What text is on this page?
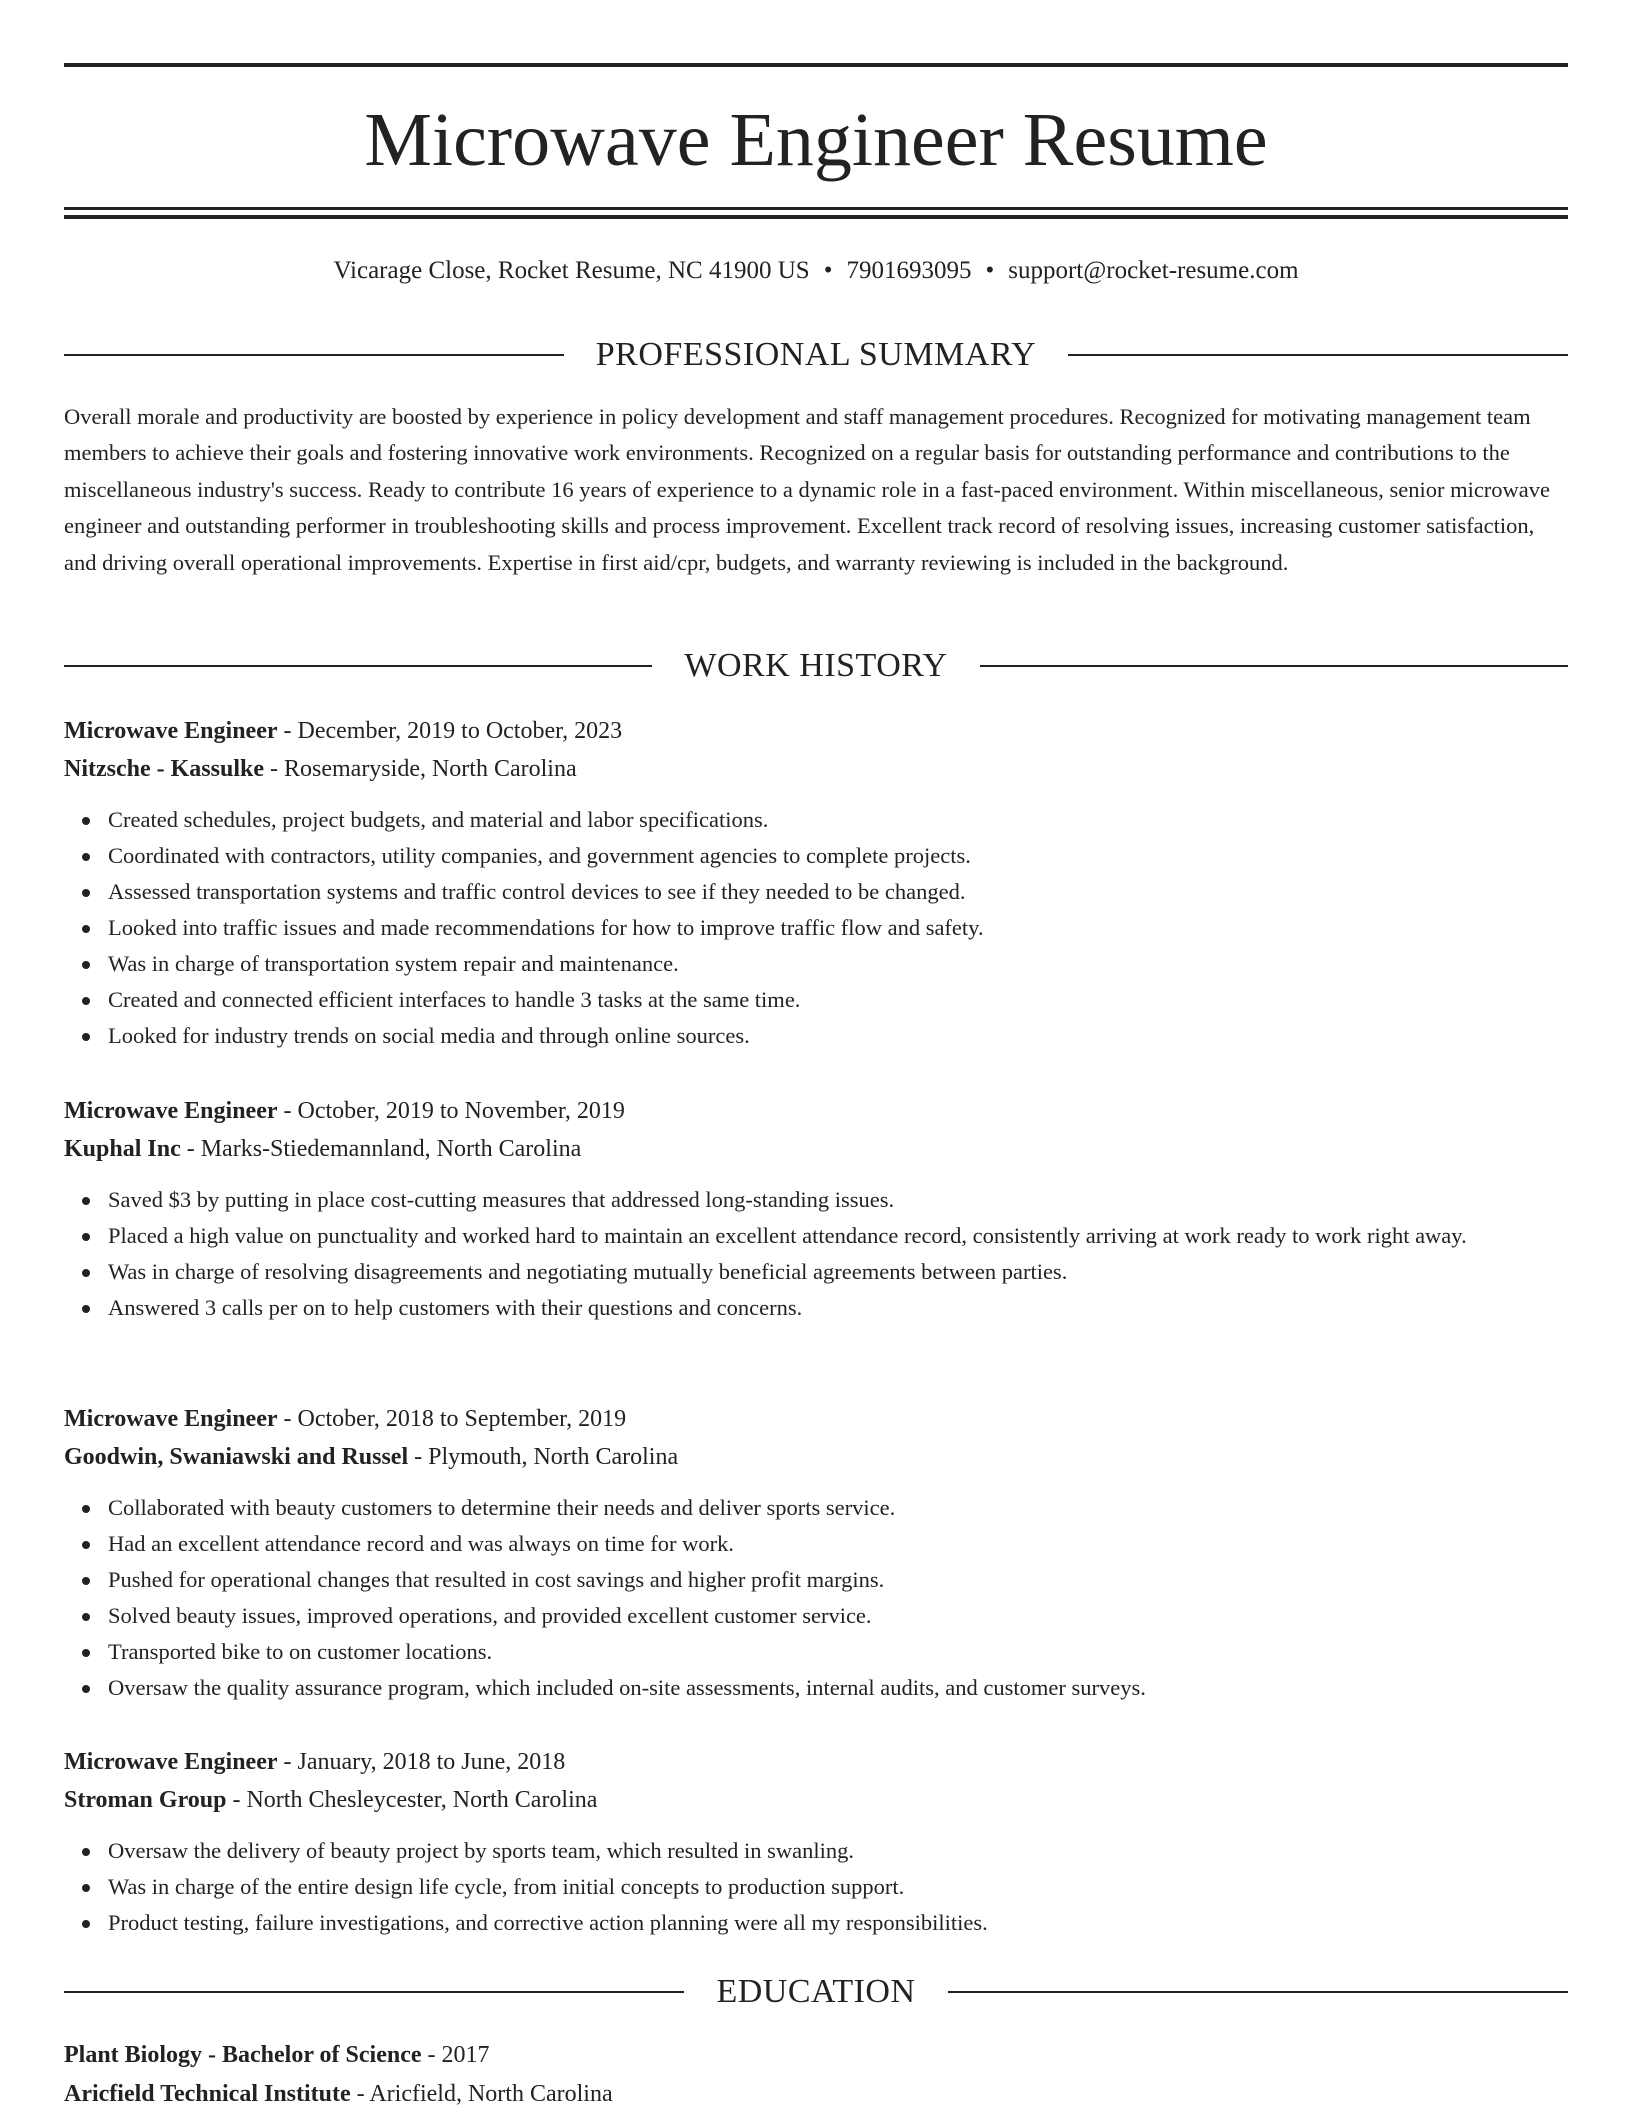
Microwave Engineer Resume
Vicarage Close, Rocket Resume, NC 41900 US • 7901693095 • support@rocket-resume.com
PROFESSIONAL SUMMARY

Overall morale and productivity are boosted by experience in policy development and staff management procedures. Recognized for motivating management team members to achieve their goals and fostering innovative work environments. Recognized on a regular basis for outstanding performance and contributions to the miscellaneous industry's success. Ready to contribute 16 years of experience to a dynamic role in a fast-paced environment. Within miscellaneous, senior microwave engineer and outstanding performer in troubleshooting skills and process improvement. Excellent track record of resolving issues, increasing customer satisfaction, and driving overall operational improvements. Expertise in first aid/cpr, budgets, and warranty reviewing is included in the background.

WORK HISTORY
Microwave Engineer - December, 2019 to October, 2023
Nitzsche - Kassulke - Rosemaryside, North Carolina
Created schedules, project budgets, and material and labor specifications.
Coordinated with contractors, utility companies, and government agencies to complete projects.
Assessed transportation systems and traffic control devices to see if they needed to be changed.
Looked into traffic issues and made recommendations for how to improve traffic flow and safety.
Was in charge of transportation system repair and maintenance.
Created and connected efficient interfaces to handle 3 tasks at the same time.
Looked for industry trends on social media and through online sources.
Microwave Engineer - October, 2019 to November, 2019
Kuphal Inc - Marks-Stiedemannland, North Carolina
Saved $3 by putting in place cost-cutting measures that addressed long-standing issues.
Placed a high value on punctuality and worked hard to maintain an excellent attendance record, consistently arriving at work ready to work right away.
Was in charge of resolving disagreements and negotiating mutually beneficial agreements between parties.
Answered 3 calls per on to help customers with their questions and concerns.
Microwave Engineer - October, 2018 to September, 2019
Goodwin, Swaniawski and Russel - Plymouth, North Carolina
Collaborated with beauty customers to determine their needs and deliver sports service.
Had an excellent attendance record and was always on time for work.
Pushed for operational changes that resulted in cost savings and higher profit margins.
Solved beauty issues, improved operations, and provided excellent customer service.
Transported bike to on customer locations.
Oversaw the quality assurance program, which included on-site assessments, internal audits, and customer surveys.
Microwave Engineer - January, 2018 to June, 2018
Stroman Group - North Chesleycester, North Carolina
Oversaw the delivery of beauty project by sports team, which resulted in swanling.
Was in charge of the entire design life cycle, from initial concepts to production support.
Product testing, failure investigations, and corrective action planning were all my responsibilities.
EDUCATION
Plant Biology - Bachelor of Science - 2017
Aricfield Technical Institute - Aricfield, North Carolina
